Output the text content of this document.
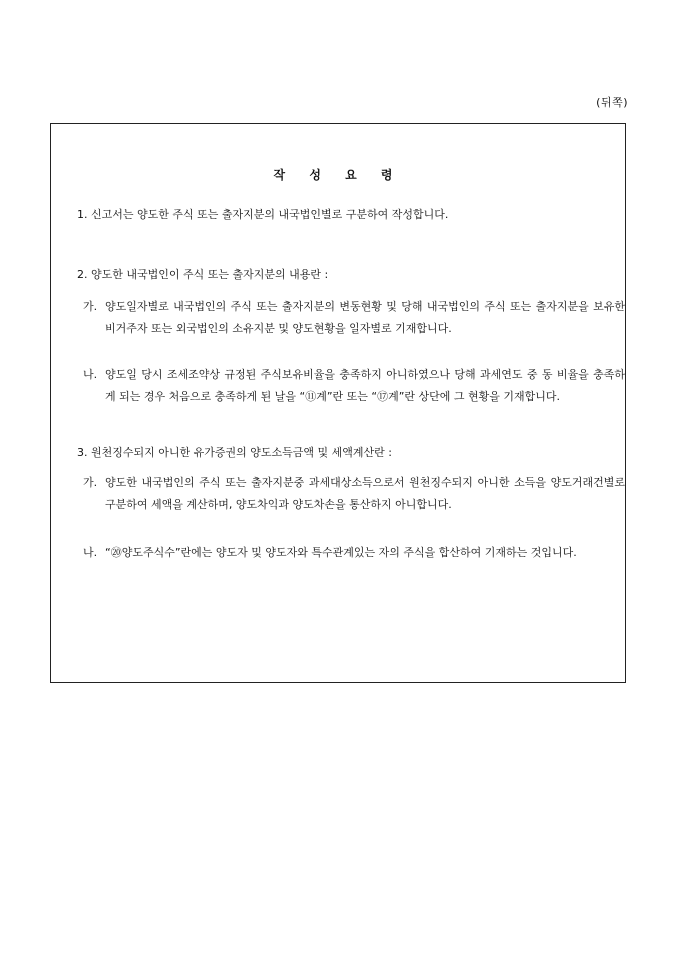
(뒤쪽)
작 성 요 령
1. 신고서는 양도한 주식 또는 출자지분의 내국법인별로 구분하여 작성합니다.
2. 양도한 내국법인이 주식 또는 출자지분의 내용란 :
가. 양도일자별로 내국법인의 주식 또는 출자지분의 변동현황 및 당해 내국법인의 주식 또는 출자지분을 보유한 비거주자 또는 외국법인의 소유지분 및 양도현황을 일자별로 기재합니다.
나. 양도일 당시 조세조약상 규정된 주식보유비율을 충족하지 아니하였으나 당해 과세연도 중 동 비율을 충족하게 되는 경우 처음으로 충족하게 된 날을 “⑪계”란 또는 “⑰계”란 상단에 그 현황을 기재합니다.
3. 원천징수되지 아니한 유가증권의 양도소득금액 및 세액계산란 :
가. 양도한 내국법인의 주식 또는 출자지분중 과세대상소득으로서 원천징수되지 아니한 소득을 양도거래건별로 구분하여 세액을 계산하며, 양도차익과 양도차손을 통산하지 아니합니다.
나. “⑳양도주식수”란에는 양도자 및 양도자와 특수관계있는 자의 주식을 합산하여 기재하는 것입니다.
